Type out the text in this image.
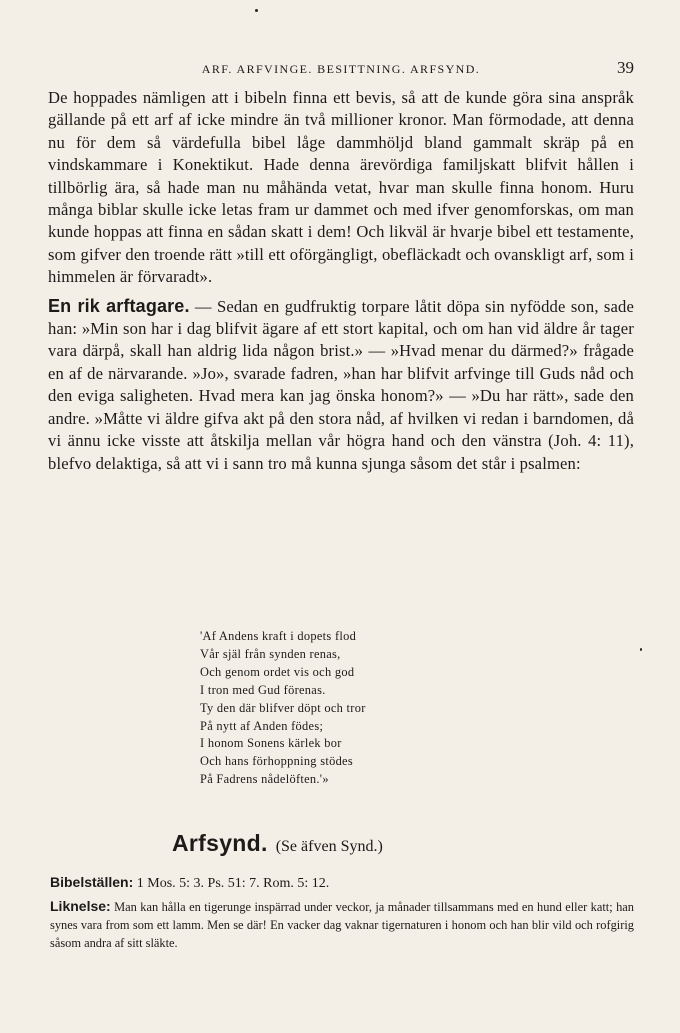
ARF. ARFVINGE. BESITTNING. ARFSYND.	39

De hoppades nämligen att i bibeln finna ett bevis, så att de kunde göra sina anspråk gällande på ett arf af icke mindre än två millioner kronor. Man förmodade, att denna nu för dem så värdefulla bibel låge dammhöljd bland gammalt skräp på en vindskammare i Konektikut. Hade denna ärevördiga familjskatt blifvit hållen i tillbörlig ära, så hade man nu måhända vetat, hvar man skulle finna honom. Huru många biblar skulle icke letas fram ur dammet och med ifver genomforskas, om man kunde hoppas att finna en sådan skatt i dem! Och likväl är hvarje bibel ett testamente, som gifver den troende rätt »till ett oförgängligt, obefläckadt och ovanskligt arf, som i himmelen är förvaradt».

En rik arftagare. — Sedan en gudfruktig torpare låtit döpa sin nyfödde son, sade han: »Min son har i dag blifvit ägare af ett stort kapital, och om han vid äldre år tager vara därpå, skall han aldrig lida någon brist.» — »Hvad menar du därmed?» frågade en af de närvarande. »Jo», svarade fadren, »han har blifvit arfvinge till Guds nåd och den eviga saligheten. Hvad mera kan jag önska honom?» — »Du har rätt», sade den andre. »Måtte vi äldre gifva akt på den stora nåd, af hvilken vi redan i barndomen, då vi ännu icke visste att åtskilja mellan vår högra hand och den vänstra (Joh. 4: 11), blefvo delaktiga, så att vi i sann tro må kunna sjunga såsom det står i psalmen:

'Af Andens kraft i dopets flod
Vår själ från synden renas,
Och genom ordet vis och god
I tron med Gud förenas.
Ty den där blifver döpt och tror
På nytt af Anden födes;
I honom Sonens kärlek bor
Och hans förhoppning stödes
På Fadrens nådelöften.'»
Arfsynd. (Se äfven Synd.)
Bibelställen: 1 Mos. 5: 3. Ps. 51: 7. Rom. 5: 12.
Liknelse: Man kan hålla en tigerunge inspärrad under veckor, ja månader tillsammans med en hund eller katt; han synes vara from som ett lamm. Men se där! En vacker dag vaknar tigernaturen i honom och han blir vild och rofgirig såsom andra af sitt släkte.
